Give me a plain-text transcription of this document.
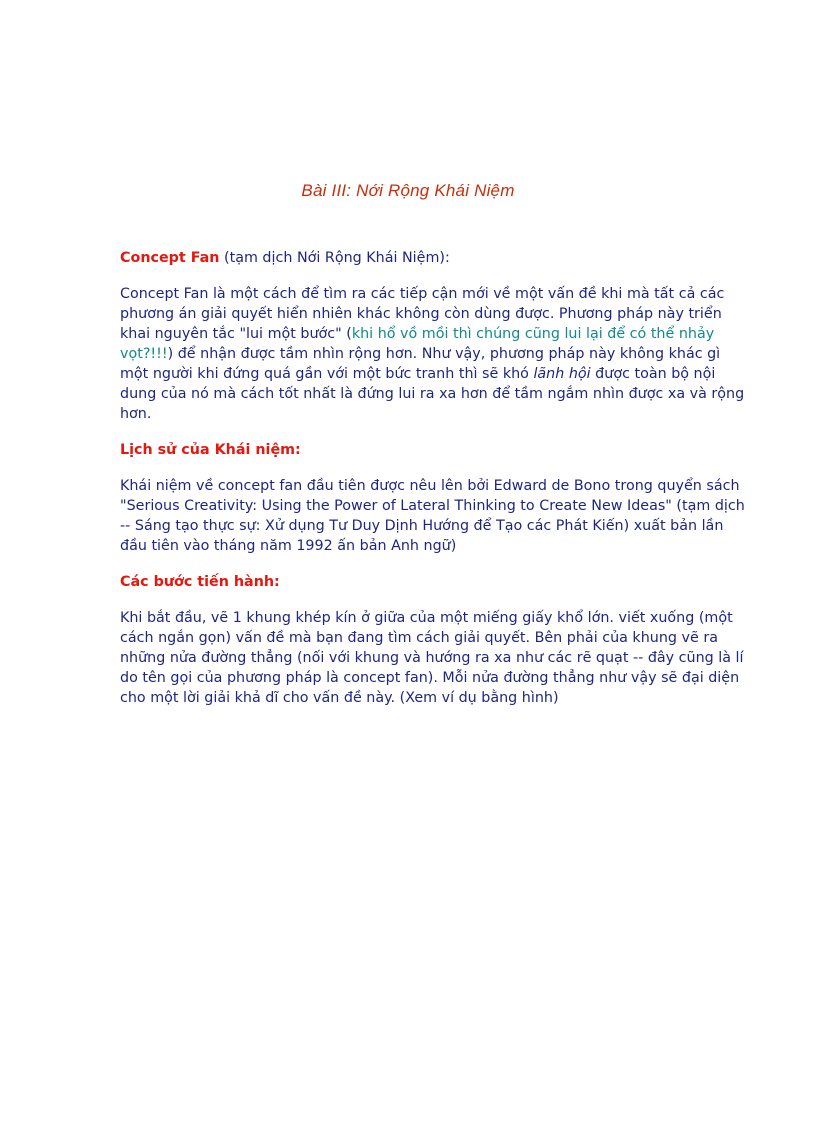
Bài III: Nới Rộng Khái Niệm

Concept Fan (tạm dịch Nới Rộng Khái Niệm):

Concept Fan là một cách để tìm ra các tiếp cận mới về một vấn đề khi mà tất cả các phương án giải quyết hiển nhiên khác không còn dùng được. Phương pháp này triển khai nguyên tắc "lui một bước" (khi hổ vồ mồi thì chúng cũng lui lại để có thể nhảy vọt?!!!) để nhận được tầm nhìn rộng hơn. Như vậy, phương pháp này không khác gì một người khi đứng quá gần với một bức tranh thì sẽ khó lãnh hội được toàn bộ nội dung của nó mà cách tốt nhất là đứng lui ra xa hơn để tầm ngắm nhìn được xa và rộng hơn.

Lịch sử của Khái niệm:

Khái niệm về concept fan đầu tiên được nêu lên bởi Edward de Bono trong quyển sách "Serious Creativity: Using the Power of Lateral Thinking to Create New Ideas" (tạm dịch -- Sáng tạo thực sự: Xử dụng Tư Duy Dịnh Hướng để Tạo các Phát Kiến) xuất bản lần đầu tiên vào tháng năm 1992 ấn bản Anh ngữ)

Các bước tiến hành:

Khi bắt đầu, vẽ 1 khung khép kín ở giữa của một miếng giấy khổ lớn. viết xuống (một cách ngắn gọn) vấn đề mà bạn đang tìm cách giải quyết. Bên phải của khung vẽ ra những nửa đường thẳng (nối với khung và hướng ra xa như các rẽ quạt -- đây cũng là lí do tên gọi của phương pháp là concept fan). Mỗi nửa đường thẳng như vậy sẽ đại diện cho một lời giải khả dĩ cho vấn đề này. (Xem ví dụ bằng hình)
